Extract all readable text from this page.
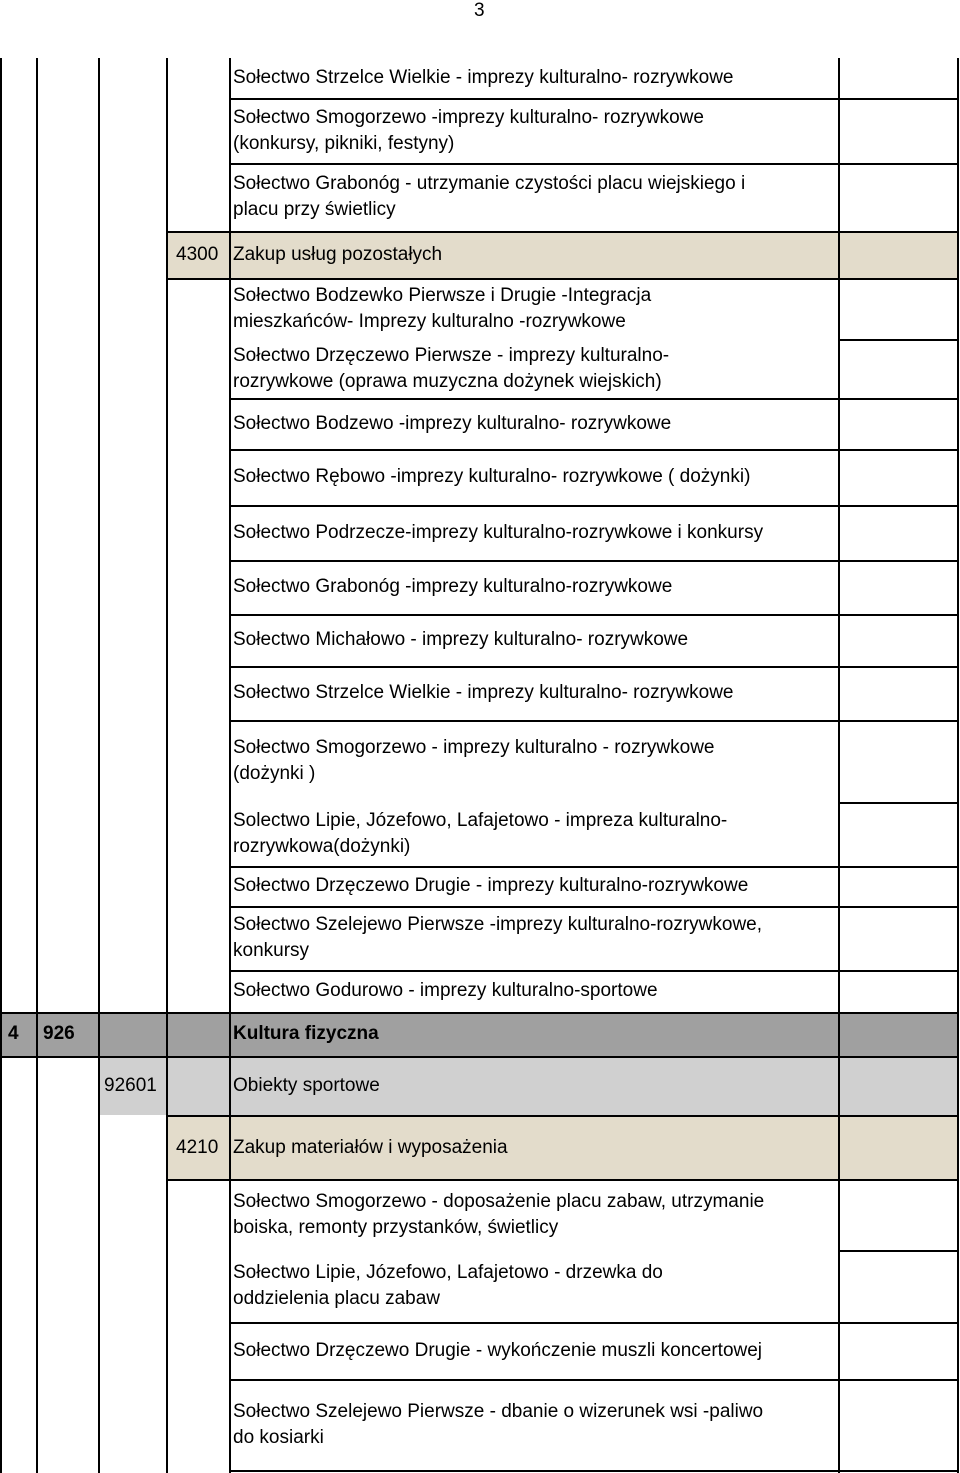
3
Sołectwo Strzelce Wielkie - imprezy kulturalno- rozrywkowe
Sołectwo Smogorzewo -imprezy kulturalno- rozrywkowe
(konkursy, pikniki, festyny)
Sołectwo Grabonóg - utrzymanie czystości placu wiejskiego i
placu przy świetlicy
Zakup usług pozostałych
4300
Sołectwo Bodzewko Pierwsze i Drugie -Integracja
mieszkańców- Imprezy kulturalno -rozrywkowe
Sołectwo Drzęczewo Pierwsze - imprezy kulturalno-
rozrywkowe (oprawa muzyczna dożynek wiejskich)
Sołectwo Bodzewo -imprezy kulturalno- rozrywkowe
Sołectwo Rębowo -imprezy kulturalno- rozrywkowe ( dożynki)
Sołectwo Podrzecze-imprezy kulturalno-rozrywkowe i konkursy
Sołectwo Grabonóg -imprezy kulturalno-rozrywkowe
Sołectwo Michałowo - imprezy kulturalno- rozrywkowe
Sołectwo Strzelce Wielkie - imprezy kulturalno- rozrywkowe
Sołectwo Smogorzewo - imprezy kulturalno - rozrywkowe
(dożynki )
Solectwo Lipie, Józefowo, Lafajetowo - impreza kulturalno-
rozrywkowa(dożynki)
Sołectwo Drzęczewo Drugie - imprezy kulturalno-rozrywkowe
Sołectwo Szelejewo Pierwsze -imprezy kulturalno-rozrywkowe,
konkursy
Sołectwo Godurowo - imprezy kulturalno-sportowe
Kultura fizyczna
4 926
Obiekty sportowe
92601
Zakup materiałów i wyposażenia
4210
Sołectwo Smogorzewo - doposażenie placu zabaw, utrzymanie
boiska, remonty przystanków, świetlicy
Sołectwo Lipie, Józefowo, Lafajetowo - drzewka do
oddzielenia placu zabaw
Sołectwo Drzęczewo Drugie - wykończenie muszli koncertowej
Sołectwo Szelejewo Pierwsze - dbanie o wizerunek wsi -paliwo
do kosiarki
